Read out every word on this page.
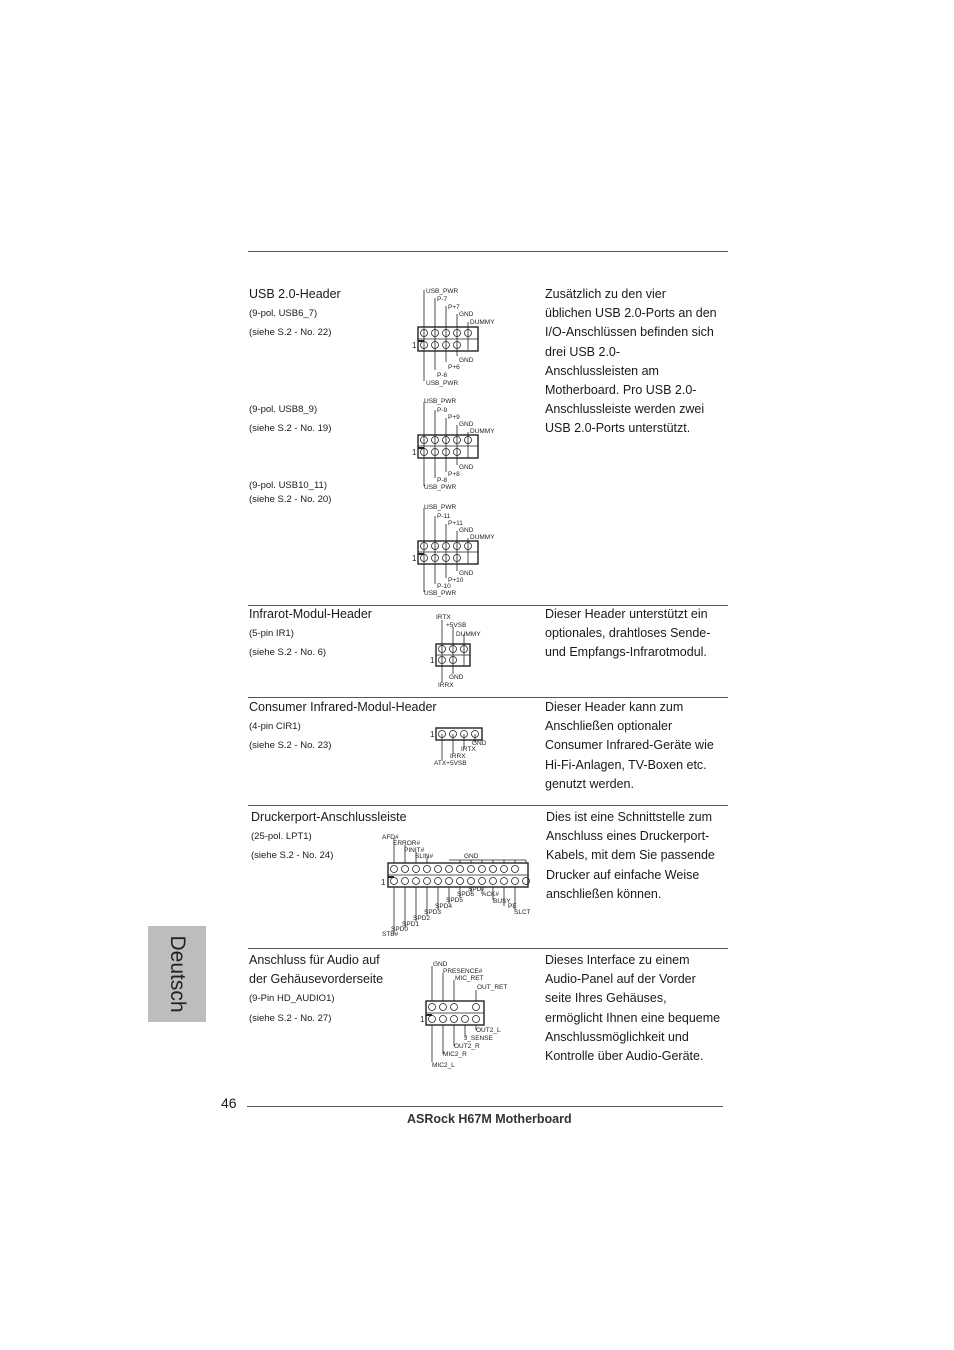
USB 2.0-Header
(9-pol. USB6_7)
(siehe S.2 - No. 22)
(9-pol. USB8_9)
(siehe S.2 - No. 19)
(9-pol. USB10_11)
(siehe S.2 - No. 20)
Zusätzlich zu den vier
üblichen USB 2.0-Ports an den
I/O-Anschlüssen befinden sich
drei USB 2.0-
Anschlussleisten am
Motherboard. Pro USB 2.0-
Anschlussleiste werden zwei
USB 2.0-Ports unterstützt.
1
USB_PWR
P-7
P+7
GND
DUMMY
GND
P+6
P-6
USB_PWR
1
USB_PWR
P-9
P+9
GND
DUMMY
GND
P+8
P-8
USB_PWR
1
USB_PWR
P-11
P+11
GND
DUMMY
GND
P+10
P-10
USB_PWR
Infrarot-Modul-Header
(5-pin IR1)
(siehe S.2 - No. 6)
Dieser Header unterstützt ein
optionales, drahtloses Sende-
und Empfangs-Infrarotmodul.
1
IRTX
+5VSB
DUMMY
GND
IRRX
Consumer Infrared-Modul-Header
(4-pin CIR1)
(siehe S.2 - No. 23)
Dieser Header kann zum
Anschließen optionaler
Consumer Infrared-Geräte wie
Hi-Fi-Anlagen, TV-Boxen etc.
genutzt werden.
1
GND
IRTX
IRRX
ATX+5VSB
Druckerport-Anschlussleiste
(25-pol. LPT1)
(siehe S.2 - No. 24)
Dies ist eine Schnittstelle zum
Anschluss eines Druckerport-
Kabels, mit dem Sie passende
Drucker auf einfache Weise
anschließen können.
1
AFD#
ERROR#
PINIT#
SLIN#	GND
SPD7
ACK#
SPD6
BUSY
SPD5
PE
SPD4
SLCT
SPD3
SPD2
SPD1
SPD0
STB#
Anschluss für Audio auf
der Gehäusevorderseite
(9-Pin HD_AUDIO1)
(siehe S.2 - No. 27)
Dieses Interface zu einem
Audio-Panel auf der Vorder
seite Ihres Gehäuses,
ermöglicht Ihnen eine bequeme
Anschlussmöglichkeit und
Kontrolle über Audio-Geräte.
1
GND
PRESENCE#
MIC_RET
OUT_RET
OUT2_L
J_SENSE
OUT2_R
MIC2_R
MIC2_L
Deutsch
46
ASRock H67M Motherboard
